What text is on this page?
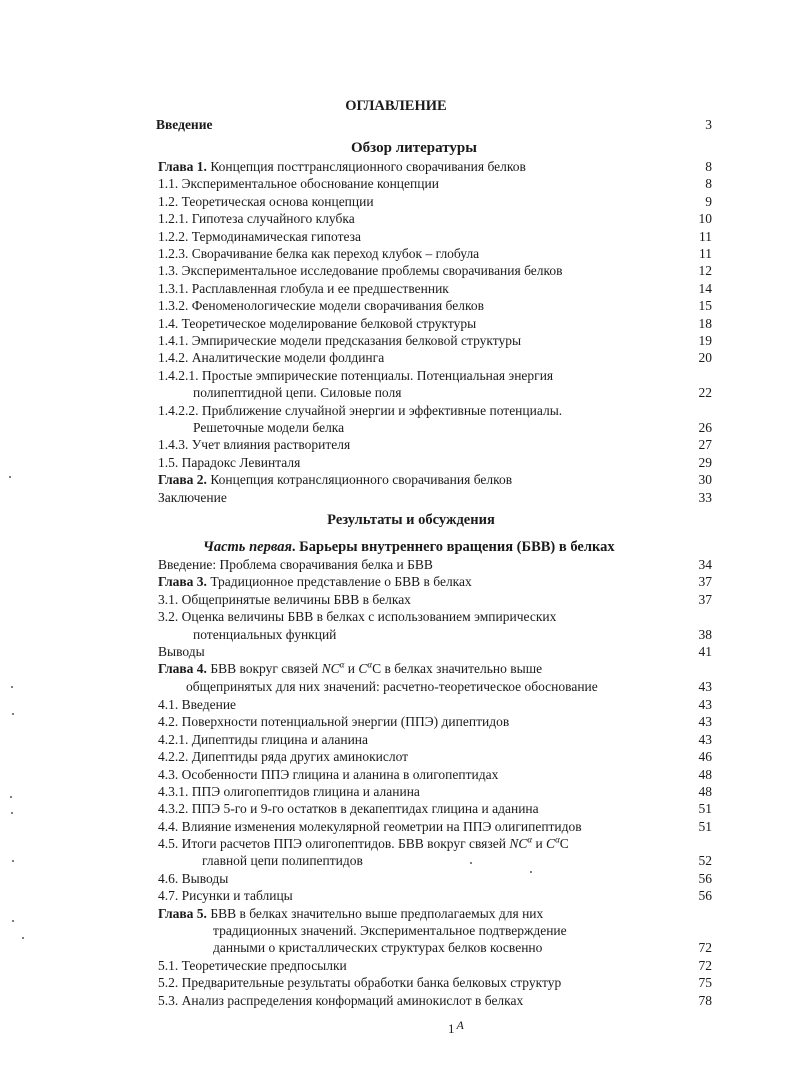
ОГЛАВЛЕНИЕ
Введение	3
Обзор литературы
Глава 1. Концепция посттрансляционного сворачивания белков	8
1.1. Экспериментальное обоснование концепции	8
1.2. Теоретическая основа концепции	9
1.2.1. Гипотеза случайного клубка	10
1.2.2. Термодинамическая гипотеза	11
1.2.3. Сворачивание белка как переход клубок – глобула	11
1.3. Экспериментальное исследование проблемы сворачивания белков	12
1.3.1. Расплавленная глобула и ее предшественник	14
1.3.2. Феноменологические модели сворачивания белков	15
1.4. Теоретическое моделирование белковой структуры	18
1.4.1. Эмпирические модели предсказания белковой структуры	19
1.4.2. Аналитические модели фолдинга	20
1.4.2.1. Простые эмпирические потенциалы. Потенциальная энергия
полипептидной цепи. Силовые поля	22
1.4.2.2. Приближение случайной энергии и эффективные потенциалы.
Решеточные модели белка	26
1.4.3. Учет влияния растворителя	27
1.5. Парадокс Левинталя	29
Глава 2. Концепция котрансляционного сворачивания белков	30
Заключение	33
Результаты и обсуждения
Часть первая. Барьеры внутреннего вращения (БВВ) в белках
Введение: Проблема сворачивания белка и БВВ	34
Глава 3. Традиционное представление о БВВ в белках	37
3.1. Общепринятые величины БВВ в белках	37
3.2. Оценка величины БВВ в белках с использованием эмпирических
потенциальных функций	38
Выводы	41
Глава 4. БВВ вокруг связей $NC^\alpha$ и $C^\alpha C$ в белках значительно выше
общепринятых для них значений: расчетно-теоретическое обоснование	43
4.1. Введение	43
4.2. Поверхности потенциальной энергии (ППЭ) дипептидов	43
4.2.1. Дипептиды глицина и аланина	43
4.2.2. Дипептиды ряда других аминокислот	46
4.3. Особенности ППЭ глицина и аланина в олигопептидах	48
4.3.1. ППЭ олигопептидов глицина и аланина	48
4.3.2. ППЭ 5-го и 9-го остатков в декапептидах глицина и аданина	51
4.4. Влияние изменения молекулярной геометрии на ППЭ олигипептидов	51
4.5. Итоги расчетов ППЭ олигопептидов. БВВ вокруг связей $NC^\alpha$ и $C^\alpha C$
главной цепи полипептидов	52
4.6. Выводы	56
4.7. Рисунки и таблицы	56
Глава 5. БВВ в белках значительно выше предполагаемых для них
традиционных значений. Экспериментальное подтверждение
данными о кристаллических структурах белков косвенно	72
5.1. Теоретические предпосылки	72
5.2. Предварительные результаты обработки банка белковых структур	75
5.3. Анализ распределения конформаций аминокислот в белках	78
1 A
